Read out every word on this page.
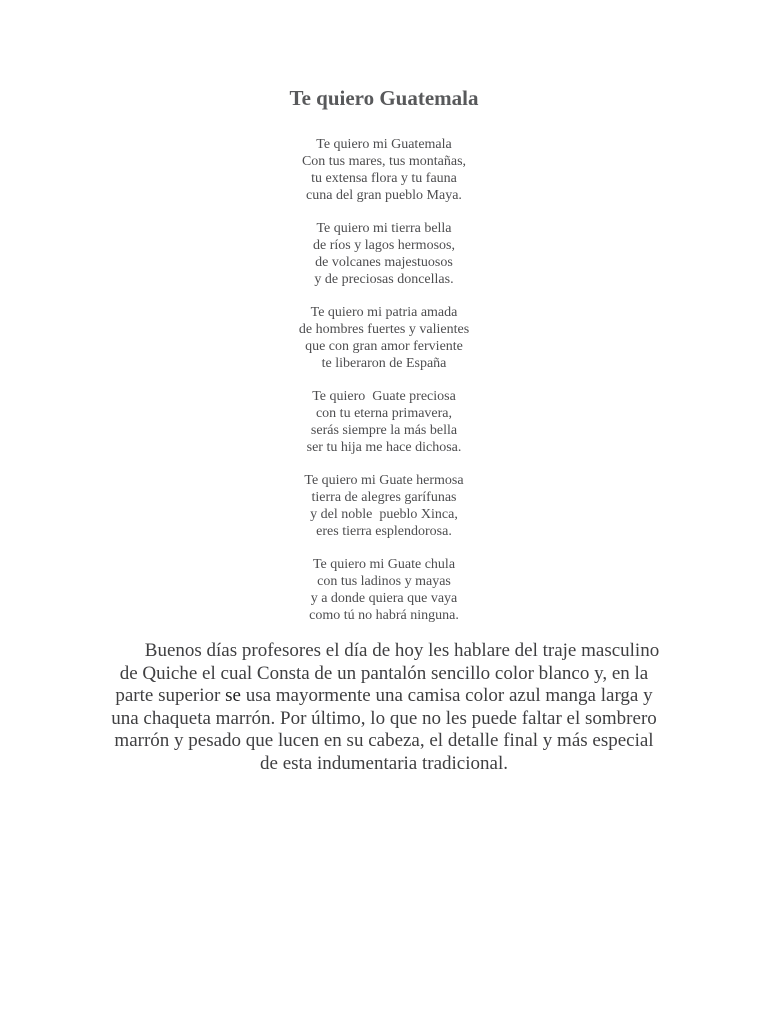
Te quiero Guatemala
Te quiero mi Guatemala
Con tus mares, tus montañas,
tu extensa flora y tu fauna
cuna del gran pueblo Maya.
Te quiero mi tierra bella
de ríos y lagos hermosos,
de volcanes majestuosos
y de preciosas doncellas.
Te quiero mi patria amada
de hombres fuertes y valientes
que con gran amor ferviente
te liberaron de España
Te quiero  Guate preciosa
con tu eterna primavera,
serás siempre la más bella
ser tu hija me hace dichosa.
Te quiero mi Guate hermosa
tierra de alegres garífunas
y del noble  pueblo Xinca,
eres tierra esplendorosa.
Te quiero mi Guate chula
con tus ladinos y mayas
y a donde quiera que vaya
como tú no habrá ninguna.

Buenos días profesores el día de hoy les hablare del traje masculino de Quiche el cual Consta de un pantalón sencillo color blanco y, en la parte superior se usa mayormente una camisa color azul manga larga y una chaqueta marrón. Por último, lo que no les puede faltar el sombrero marrón y pesado que lucen en su cabeza, el detalle final y más especial de esta indumentaria tradicional.
